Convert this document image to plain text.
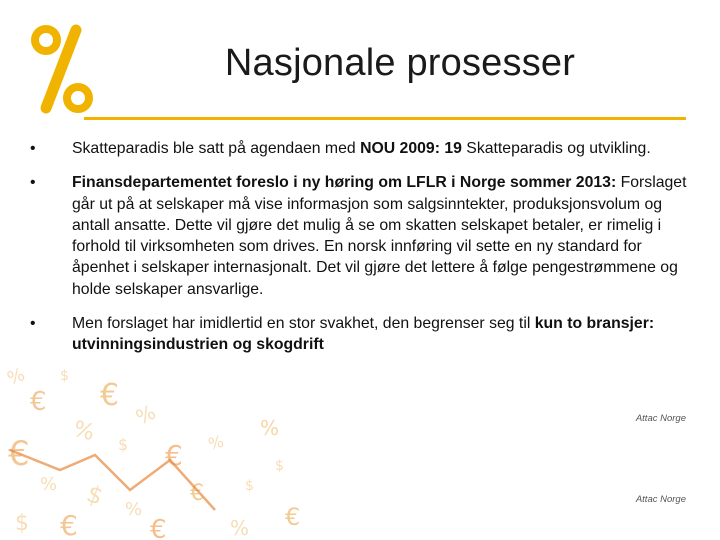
%
€
$
%
€
$
%
€
€
% $ %
€
%
$
%
$ €	€	% €
$
Nasjonale prosesser
•	Skatteparadis ble satt på agendaen med NOU 2009: 19 Skatteparadis og utvikling.
•	Finansdepartementet foreslo i ny høring om LFLR i Norge sommer 2013: Forslaget går ut på at selskaper må vise informasjon som salgsinntekter, produksjonsvolum og antall ansatte. Dette vil gjøre det mulig å se om skatten selskapet betaler, er rimelig i forhold til virksomheten som drives. En norsk innføring vil sette en ny standard for åpenhet i selskaper internasjonalt. Det vil gjøre det lettere å følge pengestrømmene og holde selskaper ansvarlige.
•	Men forslaget har imidlertid en stor svakhet, den begrenser seg til kun to bransjer: utvinningsindustrien og skogdrift
Attac Norge
Attac Norge
